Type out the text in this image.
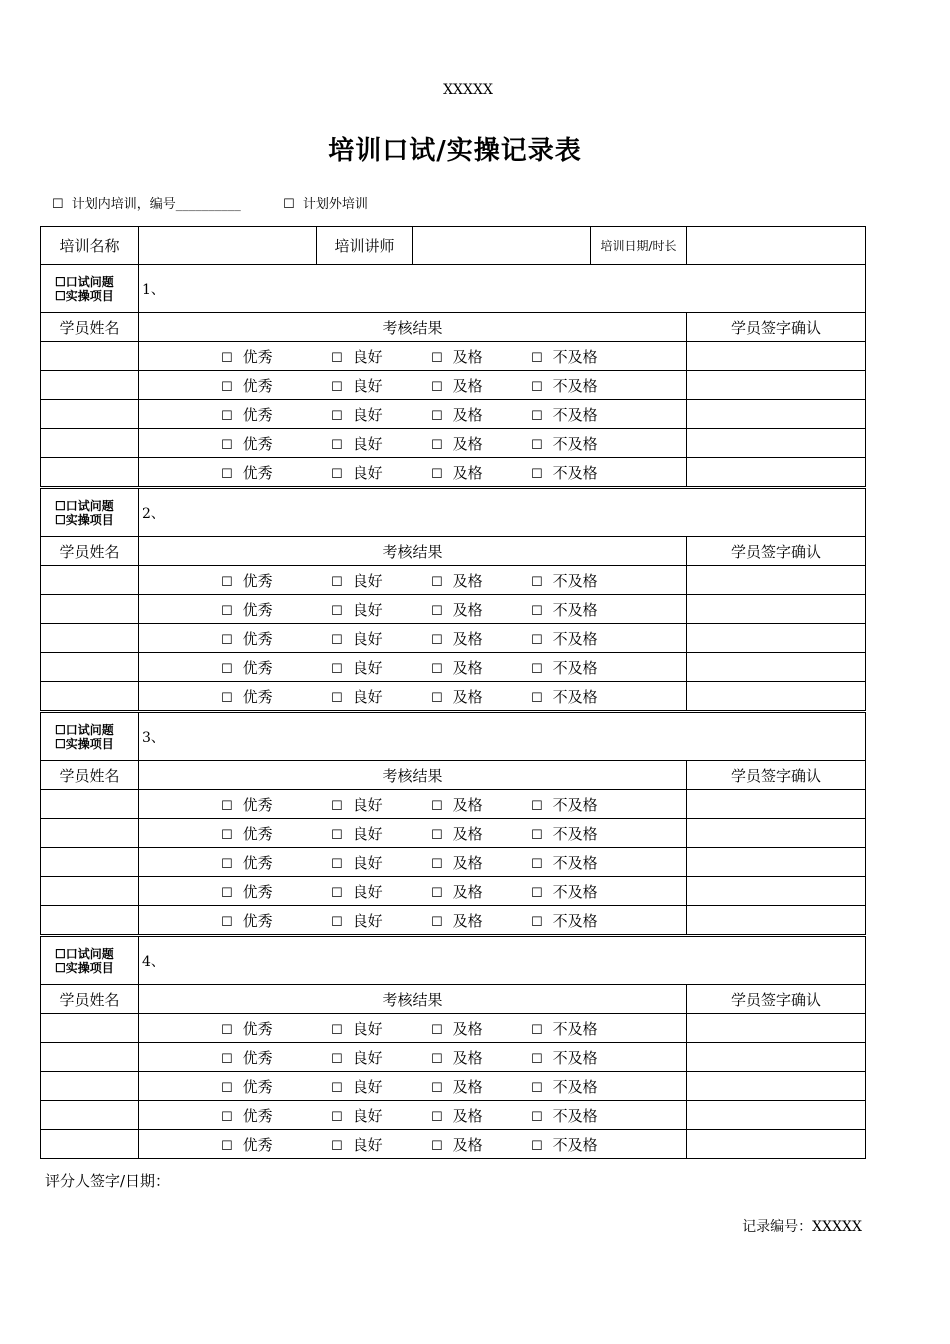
XXXXX
培训口试/实操记录表
☐ 计划内培训，编号__________	☐ 计划外培训
培训名称		培训讲师		培训日期/时长	

☐口试问题
☐实操项目	1、				
学员姓名	考核结果				学员签字确认
	☐ 优秀 ☐ 良好 ☐ 及格 ☐ 不及格				
	☐ 优秀 ☐ 良好 ☐ 及格 ☐ 不及格				
	☐ 优秀 ☐ 良好 ☐ 及格 ☐ 不及格				
	☐ 优秀 ☐ 良好 ☐ 及格 ☐ 不及格				
	☐ 优秀 ☐ 良好 ☐ 及格 ☐ 不及格				

☐口试问题
☐实操项目	2、				
学员姓名	考核结果				学员签字确认
	☐ 优秀 ☐ 良好 ☐ 及格 ☐ 不及格				
	☐ 优秀 ☐ 良好 ☐ 及格 ☐ 不及格				
	☐ 优秀 ☐ 良好 ☐ 及格 ☐ 不及格				
	☐ 优秀 ☐ 良好 ☐ 及格 ☐ 不及格				
	☐ 优秀 ☐ 良好 ☐ 及格 ☐ 不及格				

☐口试问题
☐实操项目	3、				
学员姓名	考核结果				学员签字确认
	☐ 优秀 ☐ 良好 ☐ 及格 ☐ 不及格				
	☐ 优秀 ☐ 良好 ☐ 及格 ☐ 不及格				
	☐ 优秀 ☐ 良好 ☐ 及格 ☐ 不及格				
	☐ 优秀 ☐ 良好 ☐ 及格 ☐ 不及格				
	☐ 优秀 ☐ 良好 ☐ 及格 ☐ 不及格				

☐口试问题
☐实操项目	4、				
学员姓名	考核结果				学员签字确认
	☐ 优秀 ☐ 良好 ☐ 及格 ☐ 不及格				
	☐ 优秀 ☐ 良好 ☐ 及格 ☐ 不及格				
	☐ 优秀 ☐ 良好 ☐ 及格 ☐ 不及格				
	☐ 优秀 ☐ 良好 ☐ 及格 ☐ 不及格				
	☐ 优秀 ☐ 良好 ☐ 及格 ☐ 不及格				
评分人签字/日期：
记录编号：XXXXX
